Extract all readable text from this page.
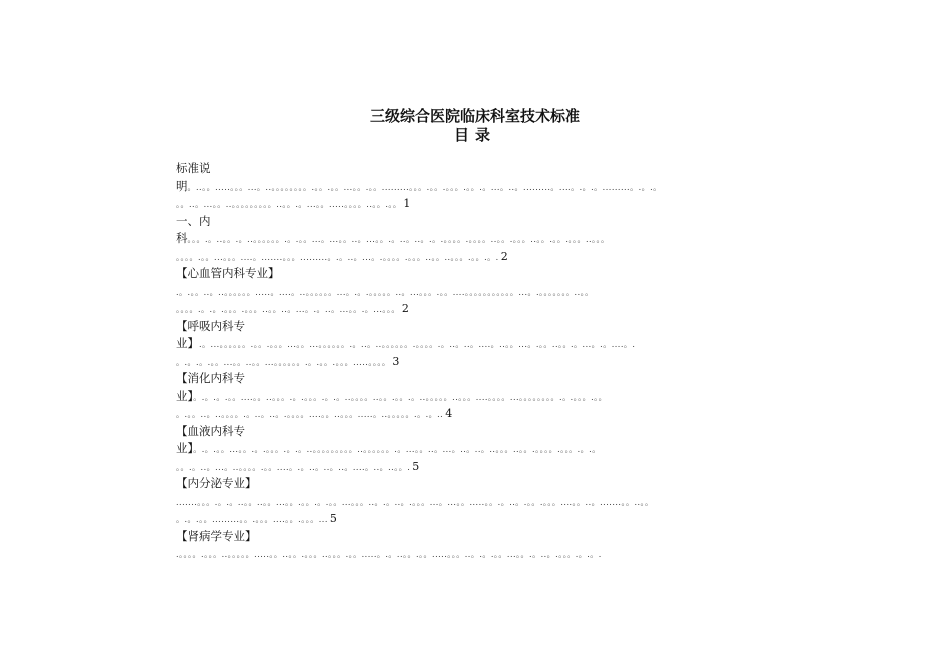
三级综合医院临床科室技术标准
目录
标准说
明。..。。.....。。。...。..。。。。。。。。.。。.。。...。。.。。.........。。。.。。.。。。.。。.。...。..。.........。....。.。.。.........。.。.。
。。..。...。。..。。。。。。。。。..。。.。...。。.....。。。。..。。.。。 1
一、内
科。。。.。..。。.。..。。。。。。.。.。。...。...。。..。...。。.。..。..。.。.。。。。.。。。。..。。.。。。..。。.。。.。。。..。。。
。。。。.。。...。。。....。.......。。。.........。.。..。...。.。。。。.。。。..。。..。。。.。。.。. 2
【心血管内科专业】
.。.。。..。..。。。。。。.....。....。..。。。。。。...。.。.。。。。。..。...。。。.。。....。。。。。。。。。。。...。.。。。。。。。..。。
。。。。.。.。.。。。.。。。..。。..。...。.。..。...。。.。...。。。 2
【呼吸内科专
业】.。...。。。。。。.。。.。。。...。。...。。。。。。.。..。..。。。。。。.。。。。.。..。..。....。..。。...。.。。..。。.。...。.。....。.
。.。.。.。。...。。..。。...。。。。。。.。.。。.。。。.....。。。。 3
【消化内科专
业】。.。.。.。。....。。..。。。.。.。。。.。.。..。。。。..。。.。。.。..。。。。。..。。。....。。。。...。。。。。。。。.。.。。。.。。
。.。。..。..。。。。.。..。..。.。。。。....。。..。。。.....。..。。。。。.。.。.. 4
【血液内科专
业】。.。.。。...。。.。.。。。.。.。..。。。。。。。。。..。。。。。。.。...。。..。...。..。..。..。。。..。。.。。。。.。。。.。.。
。。.。..。...。..。。。。.。。....。.。..。..。..。....。..。..。。. 5
【内分泌专业】
.......。。。.。.。..。。..。。...。。.。。.。.。。...。。。..。.。..。.。。。...。...。。.....。。.。..。.。。.。。。....。。..。.......。。..。。
。.。.。。.........。。.。。。....。。.。。。... 5
【肾病学专业】
.。。。。.。。。..。。。。。.....。。..。。.。。。..。。。.。。.....。.。..。。.。。.....。。。..。.。.。。...。。.。..。.。。。.。.。.
